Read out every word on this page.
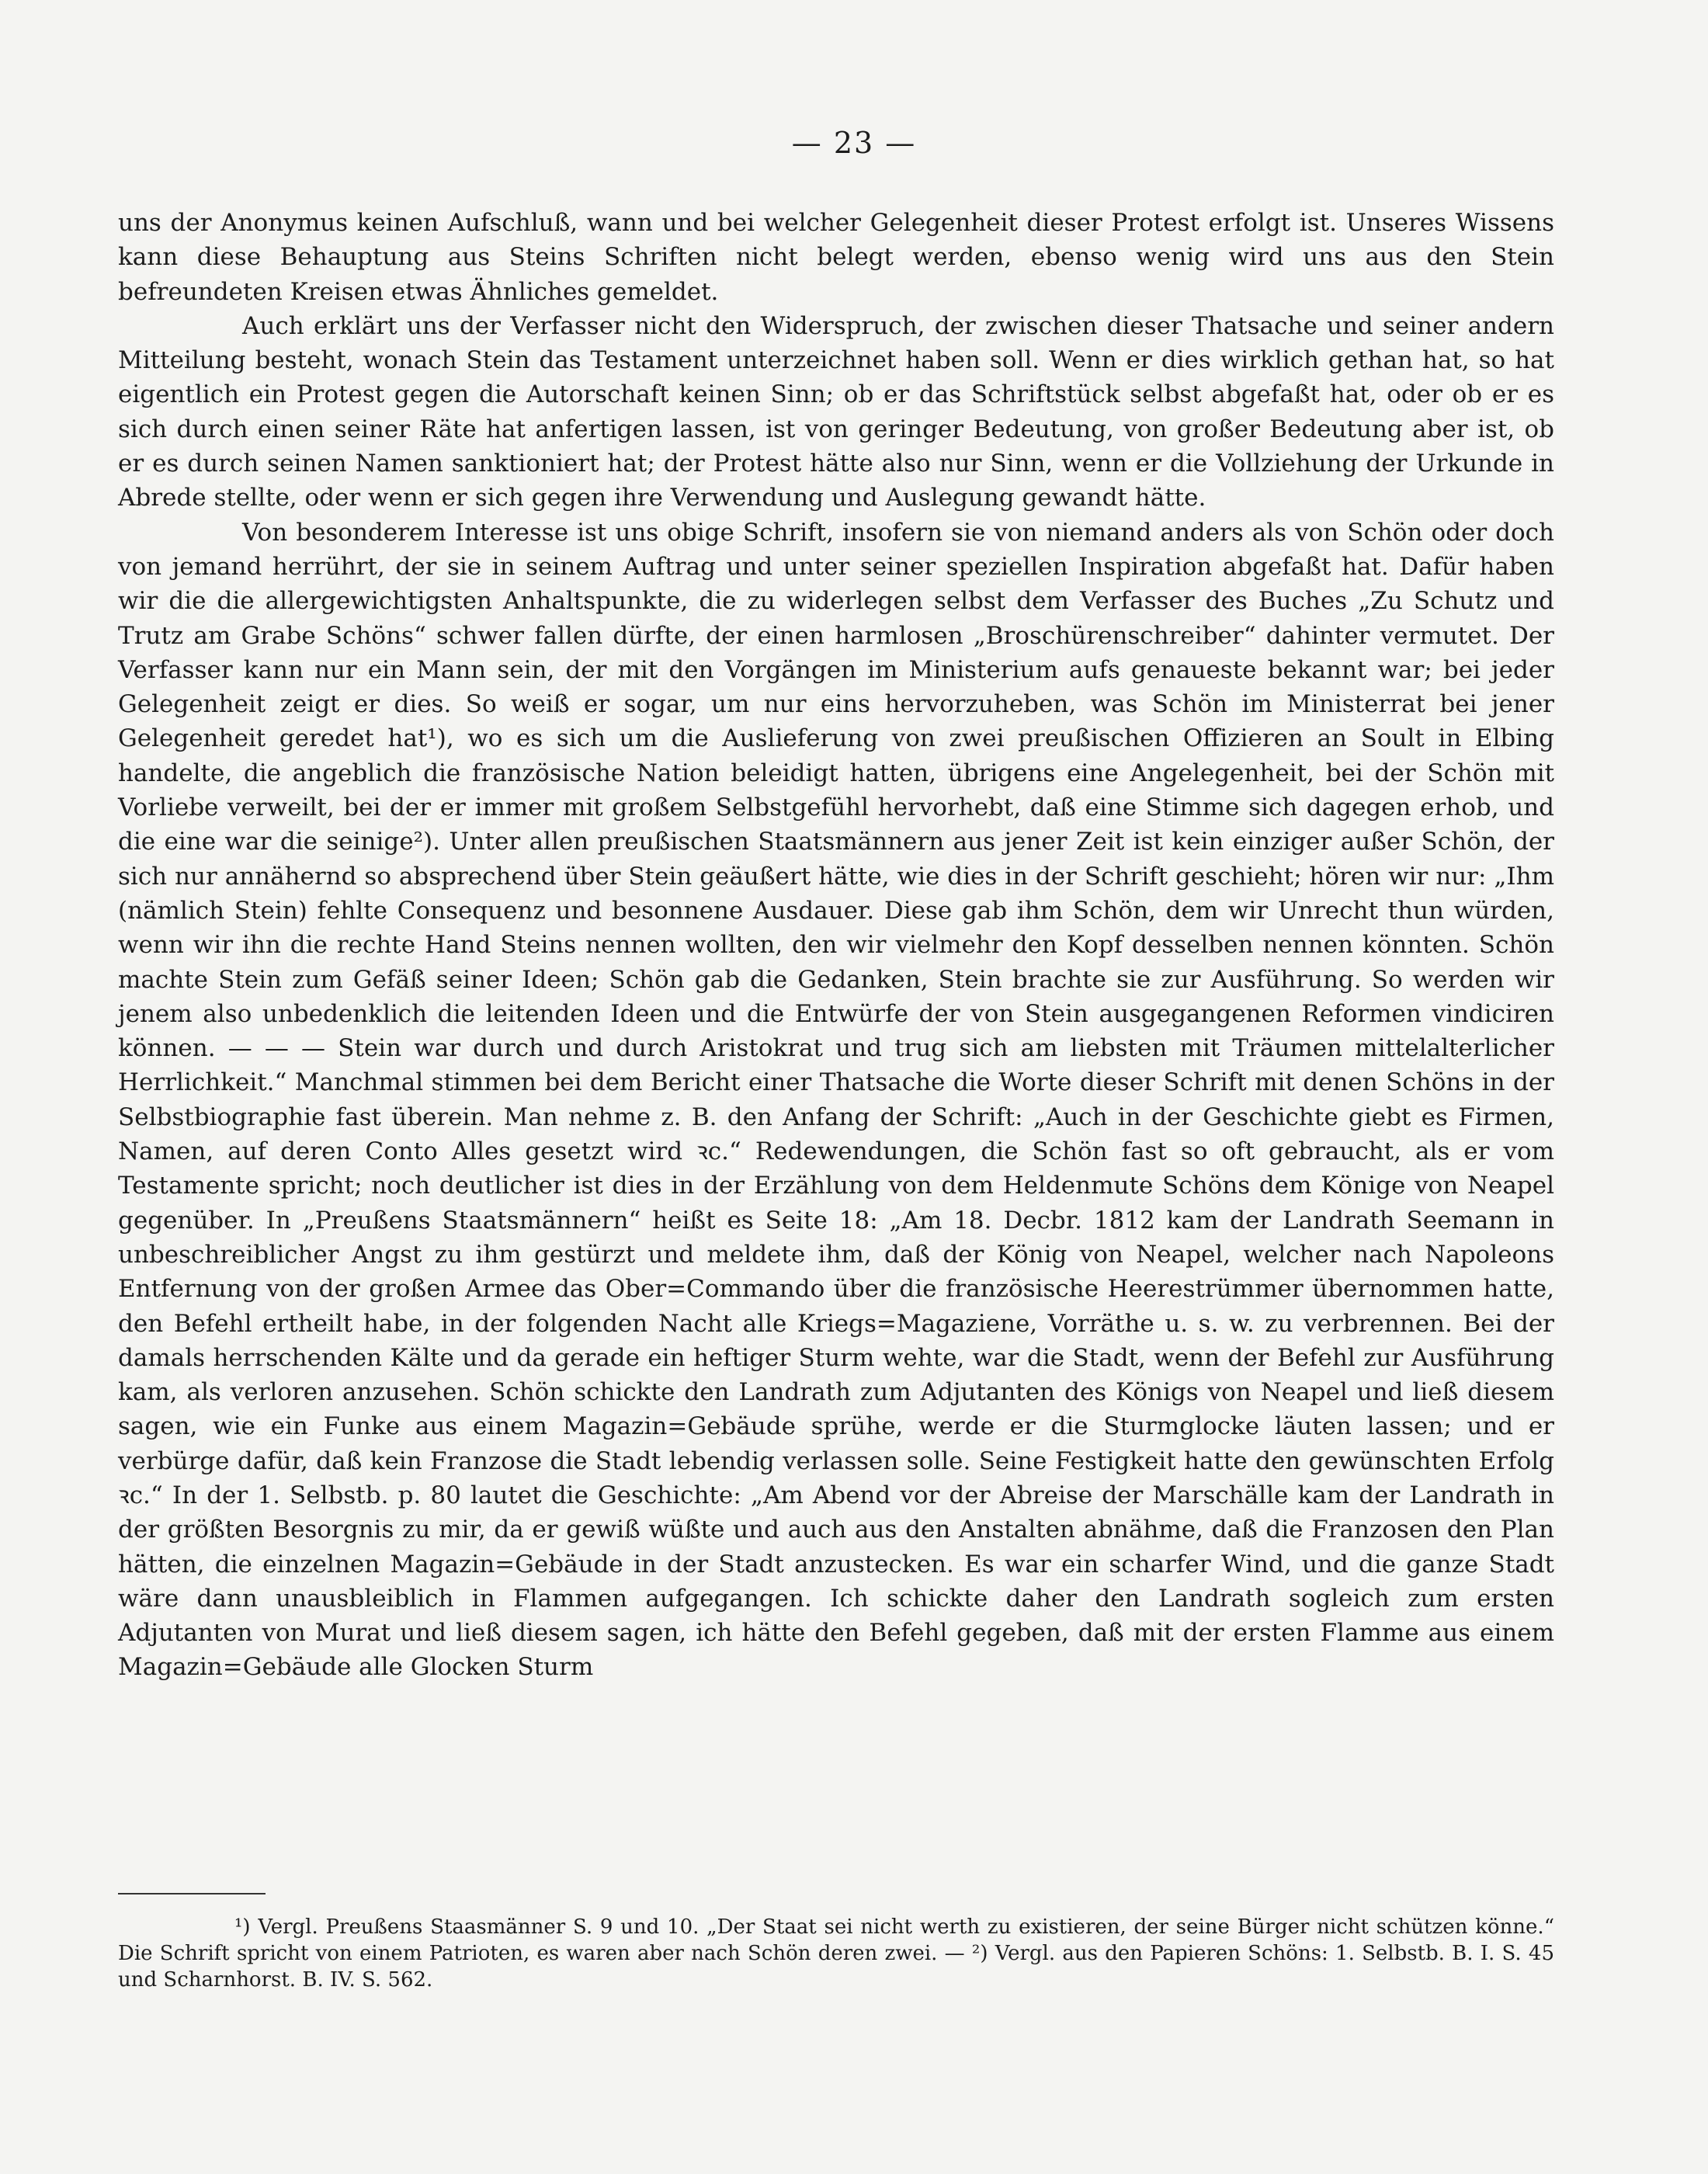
— 23 —

uns der Anonymus keinen Aufschluß, wann und bei welcher Gelegenheit dieser Protest erfolgt ist. Unseres Wissens kann diese Behauptung aus Steins Schriften nicht belegt werden, ebenso wenig wird uns aus den Stein befreundeten Kreisen etwas Ähnliches gemeldet.

Auch erklärt uns der Verfasser nicht den Widerspruch, der zwischen dieser Thatsache und seiner andern Mitteilung besteht, wonach Stein das Testament unterzeichnet haben soll. Wenn er dies wirklich gethan hat, so hat eigentlich ein Protest gegen die Autorschaft keinen Sinn; ob er das Schriftstück selbst abgefaßt hat, oder ob er es sich durch einen seiner Räte hat anfertigen lassen, ist von geringer Bedeutung, von großer Bedeutung aber ist, ob er es durch seinen Namen sanktioniert hat; der Protest hätte also nur Sinn, wenn er die Vollziehung der Urkunde in Abrede stellte, oder wenn er sich gegen ihre Verwendung und Auslegung gewandt hätte.

Von besonderem Interesse ist uns obige Schrift, insofern sie von niemand anders als von Schön oder doch von jemand herrührt, der sie in seinem Auftrag und unter seiner speziellen Inspiration abgefaßt hat. Dafür haben wir die die allergewichtigsten Anhaltspunkte, die zu widerlegen selbst dem Verfasser des Buches „Zu Schutz und Trutz am Grabe Schöns“ schwer fallen dürfte, der einen harmlosen „Broschürenschreiber“ dahinter vermutet. Der Verfasser kann nur ein Mann sein, der mit den Vorgängen im Ministerium aufs genaueste bekannt war; bei jeder Gelegenheit zeigt er dies. So weiß er sogar, um nur eins hervorzuheben, was Schön im Ministerrat bei jener Gelegenheit geredet hat¹), wo es sich um die Auslieferung von zwei preußischen Offizieren an Soult in Elbing handelte, die angeblich die französische Nation beleidigt hatten, übrigens eine Angelegenheit, bei der Schön mit Vorliebe verweilt, bei der er immer mit großem Selbstgefühl hervorhebt, daß eine Stimme sich dagegen erhob, und die eine war die seinige²). Unter allen preußischen Staatsmännern aus jener Zeit ist kein einziger außer Schön, der sich nur annähernd so absprechend über Stein geäußert hätte, wie dies in der Schrift geschieht; hören wir nur: „Ihm (nämlich Stein) fehlte Consequenz und besonnene Ausdauer. Diese gab ihm Schön, dem wir Unrecht thun würden, wenn wir ihn die rechte Hand Steins nennen wollten, den wir vielmehr den Kopf desselben nennen könnten. Schön machte Stein zum Gefäß seiner Ideen; Schön gab die Gedanken, Stein brachte sie zur Ausführung. So werden wir jenem also unbedenklich die leitenden Ideen und die Entwürfe der von Stein ausgegangenen Reformen vindiciren können. — — — Stein war durch und durch Aristokrat und trug sich am liebsten mit Träumen mittelalterlicher Herrlichkeit.“ Manchmal stimmen bei dem Bericht einer Thatsache die Worte dieser Schrift mit denen Schöns in der Selbstbiographie fast überein. Man nehme z. B. den Anfang der Schrift: „Auch in der Geschichte giebt es Firmen, Namen, auf deren Conto Alles gesetzt wird ꝛc.“ Redewendungen, die Schön fast so oft gebraucht, als er vom Testamente spricht; noch deutlicher ist dies in der Erzählung von dem Heldenmute Schöns dem Könige von Neapel gegenüber. In „Preußens Staatsmännern“ heißt es Seite 18: „Am 18. Decbr. 1812 kam der Landrath Seemann in unbeschreiblicher Angst zu ihm gestürzt und meldete ihm, daß der König von Neapel, welcher nach Napoleons Entfernung von der großen Armee das Ober=Commando über die französische Heerestrümmer übernommen hatte, den Befehl ertheilt habe, in der folgenden Nacht alle Kriegs=Magaziene, Vorräthe u. s. w. zu verbrennen. Bei der damals herrschenden Kälte und da gerade ein heftiger Sturm wehte, war die Stadt, wenn der Befehl zur Ausführung kam, als verloren anzusehen. Schön schickte den Landrath zum Adjutanten des Königs von Neapel und ließ diesem sagen, wie ein Funke aus einem Magazin=Gebäude sprühe, werde er die Sturmglocke läuten lassen; und er verbürge dafür, daß kein Franzose die Stadt lebendig verlassen solle. Seine Festigkeit hatte den gewünschten Erfolg ꝛc.“ In der 1. Selbstb. p. 80 lautet die Geschichte: „Am Abend vor der Abreise der Marschälle kam der Landrath in der größten Besorgnis zu mir, da er gewiß wüßte und auch aus den Anstalten abnähme, daß die Franzosen den Plan hätten, die einzelnen Magazin=Gebäude in der Stadt anzustecken. Es war ein scharfer Wind, und die ganze Stadt wäre dann unausbleiblich in Flammen aufgegangen. Ich schickte daher den Landrath sogleich zum ersten Adjutanten von Murat und ließ diesem sagen, ich hätte den Befehl gegeben, daß mit der ersten Flamme aus einem Magazin=Gebäude alle Glocken Sturm

¹) Vergl. Preußens Staasmänner S. 9 und 10. „Der Staat sei nicht werth zu existieren, der seine Bürger nicht schützen könne.“ Die Schrift spricht von einem Patrioten, es waren aber nach Schön deren zwei. — ²) Vergl. aus den Papieren Schöns: 1. Selbstb. B. I. S. 45 und Scharnhorst. B. IV. S. 562.
